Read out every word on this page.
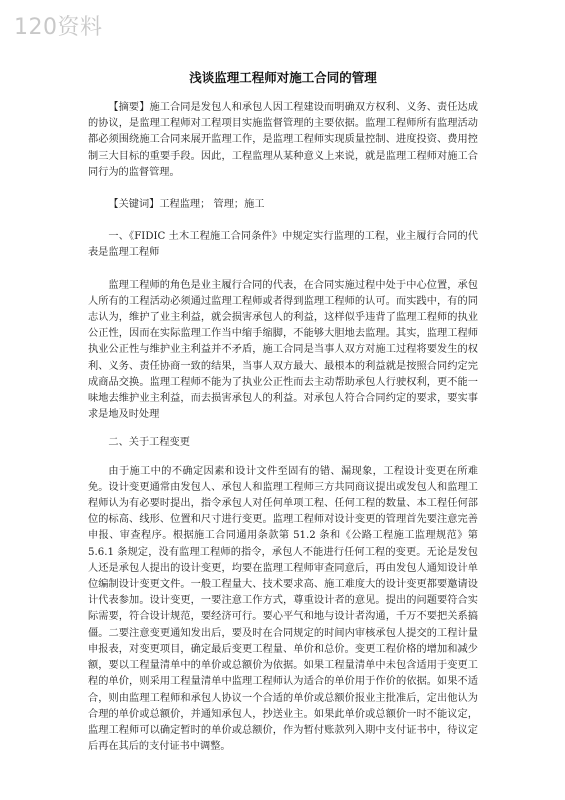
120资料
浅谈监理工程师对施工合同的管理

【摘要】施工合同是发包人和承包人因工程建设而明确双方权利、义务、责任达成的协议，是监理工程师对工程项目实施监督管理的主要依据。监理工程师所有监理活动都必须围绕施工合同来展开监理工作，是监理工程师实现质量控制、进度投资、费用控制三大目标的重要手段。因此，工程监理从某种意义上来说，就是监理工程师对施工合同行为的监督管理。

【关键词】工程监理； 管理；施工

一、《FIDIC 土木工程施工合同条件》中规定实行监理的工程，业主履行合同的代表是监理工程师

监理工程师的角色是业主履行合同的代表，在合同实施过程中处于中心位置，承包人所有的工程活动必须通过监理工程师或者得到监理工程师的认可。而实践中，有的同志认为，维护了业主利益，就会损害承包人的利益，这样似乎违背了监理工程师的执业公正性，因而在实际监理工作当中缩手缩脚，不能够大胆地去监理。其实，监理工程师执业公正性与维护业主利益并不矛盾，施工合同是当事人双方对施工过程将要发生的权利、义务、责任协商一致的结果，当事人双方最大、最根本的利益就是按照合同约定完成商品交换。监理工程师不能为了执业公正性而去主动帮助承包人行驶权利，更不能一味地去维护业主利益，而去损害承包人的利益。对承包人符合合同约定的要求，要实事求是地及时处理

二、关于工程变更

由于施工中的不确定因素和设计文件至固有的错、漏现象，工程设计变更在所难免。设计变更通常由发包人、承包人和监理工程师三方共同商议提出或发包人和监理工程师认为有必要时提出，指令承包人对任何单项工程、任何工程的数量、本工程任何部位的标高、线形、位置和尺寸进行变更。监理工程师对设计变更的管理首先要注意完善申报、审查程序。根据施工合同通用条款第 51.2 条和《公路工程施工监理规范》第 5.6.1 条规定，没有监理工程师的指令，承包人不能进行任何工程的变更。无论是发包人还是承包人提出的设计变更，均要在监理工程师审查同意后，再由发包人通知设计单位编制设计变更文件。一般工程量大、技术要求高、施工难度大的设计变更都要邀请设计代表参加。设计变更，一要注意工作方式，尊重设计者的意见。提出的问题要符合实际需要，符合设计规范，要经济可行。要心平气和地与设计者沟通，千万不要把关系搞僵。二要注意变更通知发出后，要及时在合同规定的时间内审核承包人提交的工程计量申报表，对变更项目，确定最后变更工程量、单价和总价。变更工程价格的增加和减少额，要以工程量清单中的单价或总额价为依据。如果工程量清单中未包含适用于变更工程的单价，则采用工程量清单中监理工程师认为适合的单价用于作价的依据。如果不适合，则由监理工程师和承包人协议一个合适的单价或总额价报业主批准后，定出他认为合理的单价或总额价，并通知承包人，抄送业主。如果此单价或总额价一时不能议定，监理工程师可以确定暂时的单价或总额价，作为暂付账款列入期中支付证书中，待议定后再在其后的支付证书中调整。
